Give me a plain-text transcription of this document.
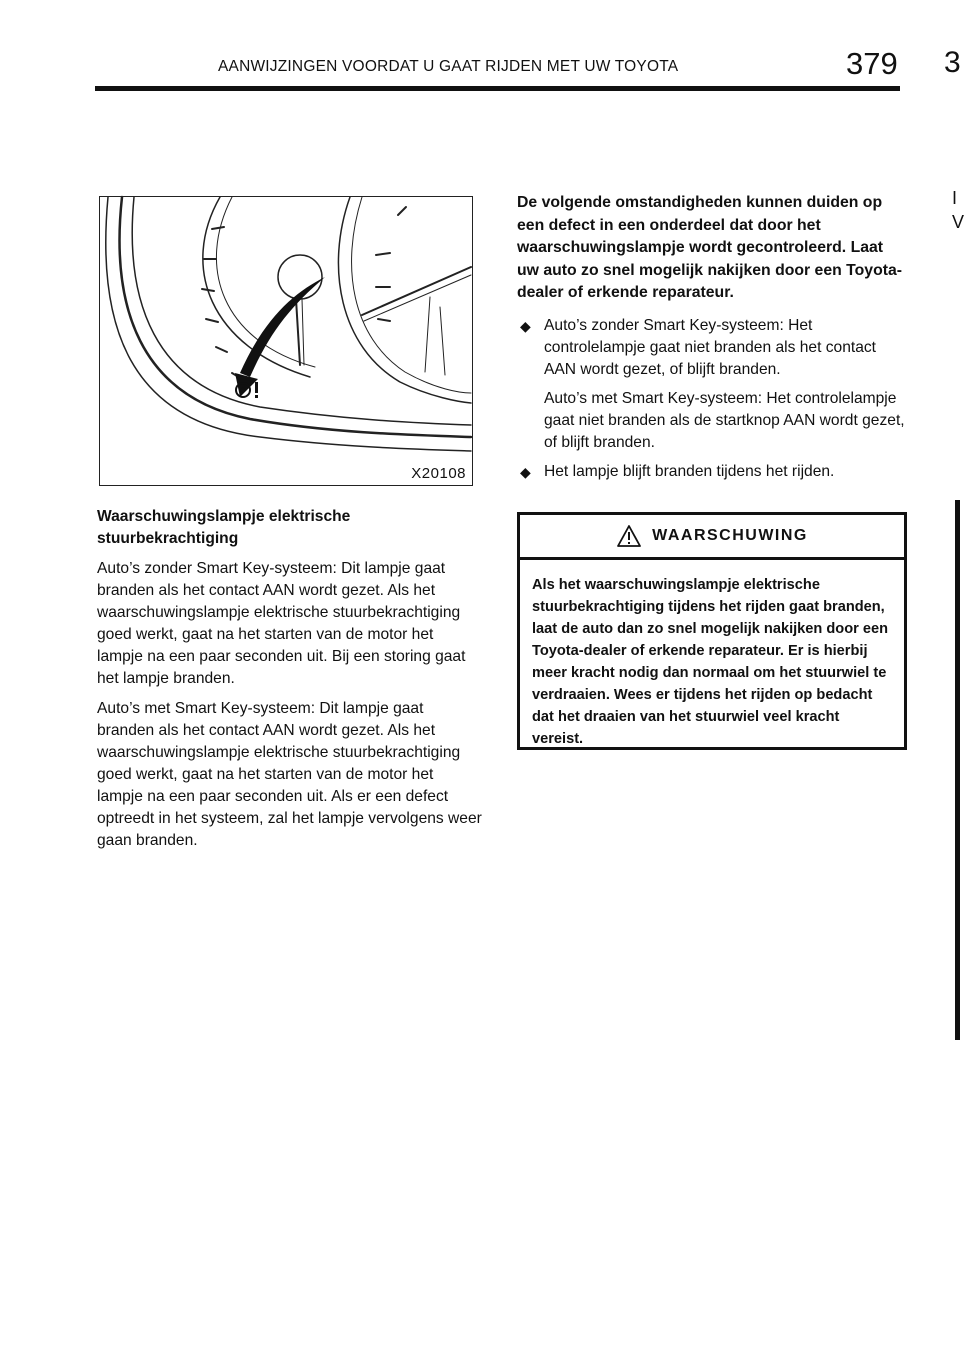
AANWIJZINGEN VOORDAT U GAAT RIJDEN MET UW TOYOTA	379 3
I
V
X20108

Waarschuwingslampje elektrische stuurbekrachtiging

Auto’s zonder Smart Key‐systeem: Dit lampje gaat branden als het contact AAN wordt gezet. Als het waarschuwingslampje elektrische stuurbekrachtiging goed werkt, gaat na het starten van de motor het lampje na een paar seconden uit. Bij een storing gaat het lampje branden.

Auto’s met Smart Key‐systeem: Dit lampje gaat branden als het contact AAN wordt gezet. Als het waarschuwingslampje elektrische stuurbekrachtiging goed werkt, gaat na het starten van de motor het lampje na een paar seconden uit. Als er een defect optreedt in het systeem, zal het lampje vervolgens weer gaan branden.

De volgende omstandigheden kunnen duiden op een defect in een onderdeel dat door het waarschuwingslampje wordt gecontroleerd. Laat uw auto zo snel mogelijk nakijken door een Toyota‐ dealer of erkende reparateur.

◆ Auto’s zonder Smart Key‐systeem: Het controlelampje gaat niet branden als het contact AAN wordt gezet, of blijft branden.
Auto’s met Smart Key‐systeem: Het controlelampje gaat niet branden als de startknop AAN wordt gezet, of blijft branden.
◆ Het lampje blijft branden tijdens het rijden.
WAARSCHUWING
Als het waarschuwingslampje elektrische stuurbekrachtiging tijdens het rijden gaat branden, laat de auto dan zo snel mogelijk nakijken door een Toyota‐dealer of erkende reparateur. Er is hierbij meer kracht nodig dan normaal om het stuurwiel te verdraaien. Wees er tijdens het rijden op bedacht dat het draaien van het stuurwiel veel kracht vereist.
